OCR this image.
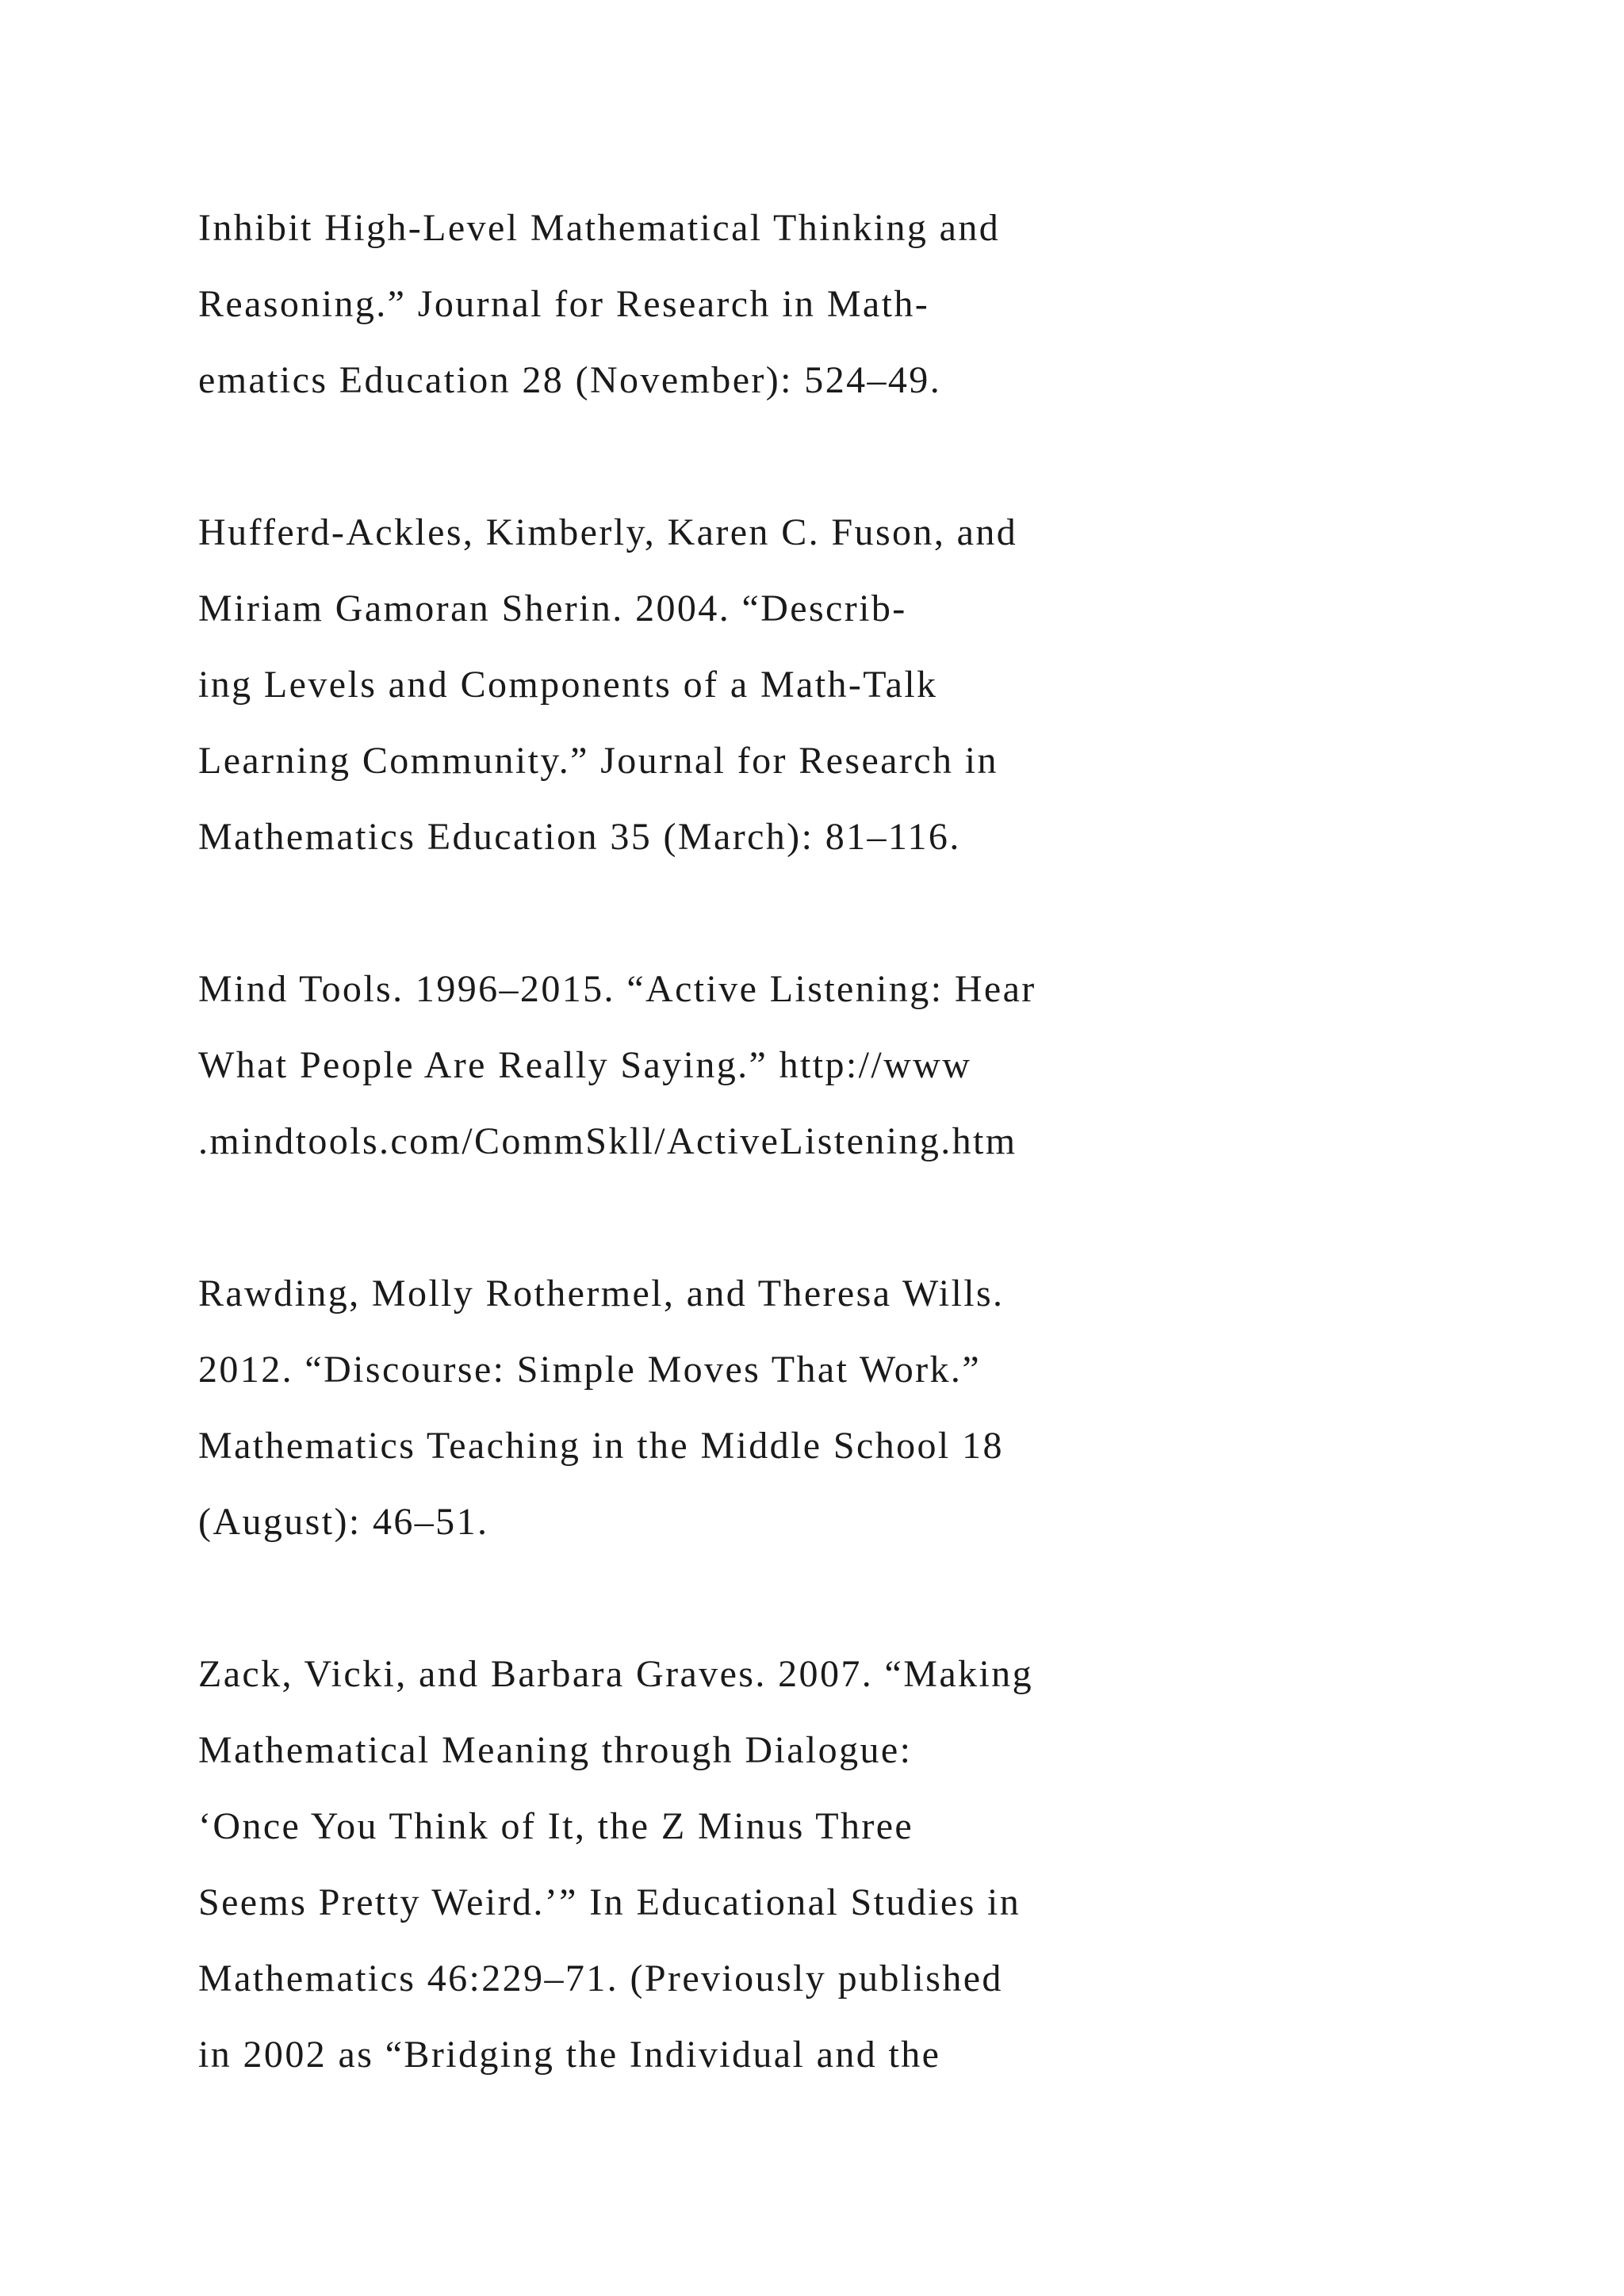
Inhibit High-Level Mathematical Thinking and
Reasoning.” Journal for Research in Math-
ematics Education 28 (November): 524–49.
Hufferd-Ackles, Kimberly, Karen C. Fuson, and
Miriam Gamoran Sherin. 2004. “Describ-
ing Levels and Components of a Math-Talk
Learning Community.” Journal for Research in
Mathematics Education 35 (March): 81–116.
Mind Tools. 1996–2015. “Active Listening: Hear
What People Are Really Saying.” http://www
.mindtools.com/CommSkll/ActiveListening.htm
Rawding, Molly Rothermel, and Theresa Wills.
2012. “Discourse: Simple Moves That Work.”
Mathematics Teaching in the Middle School 18
(August): 46–51.
Zack, Vicki, and Barbara Graves. 2007. “Making
Mathematical Meaning through Dialogue:
‘Once You Think of It, the Z Minus Three
Seems Pretty Weird.’” In Educational Studies in
Mathematics 46:229–71. (Previously published
in 2002 as “Bridging the Individual and the
